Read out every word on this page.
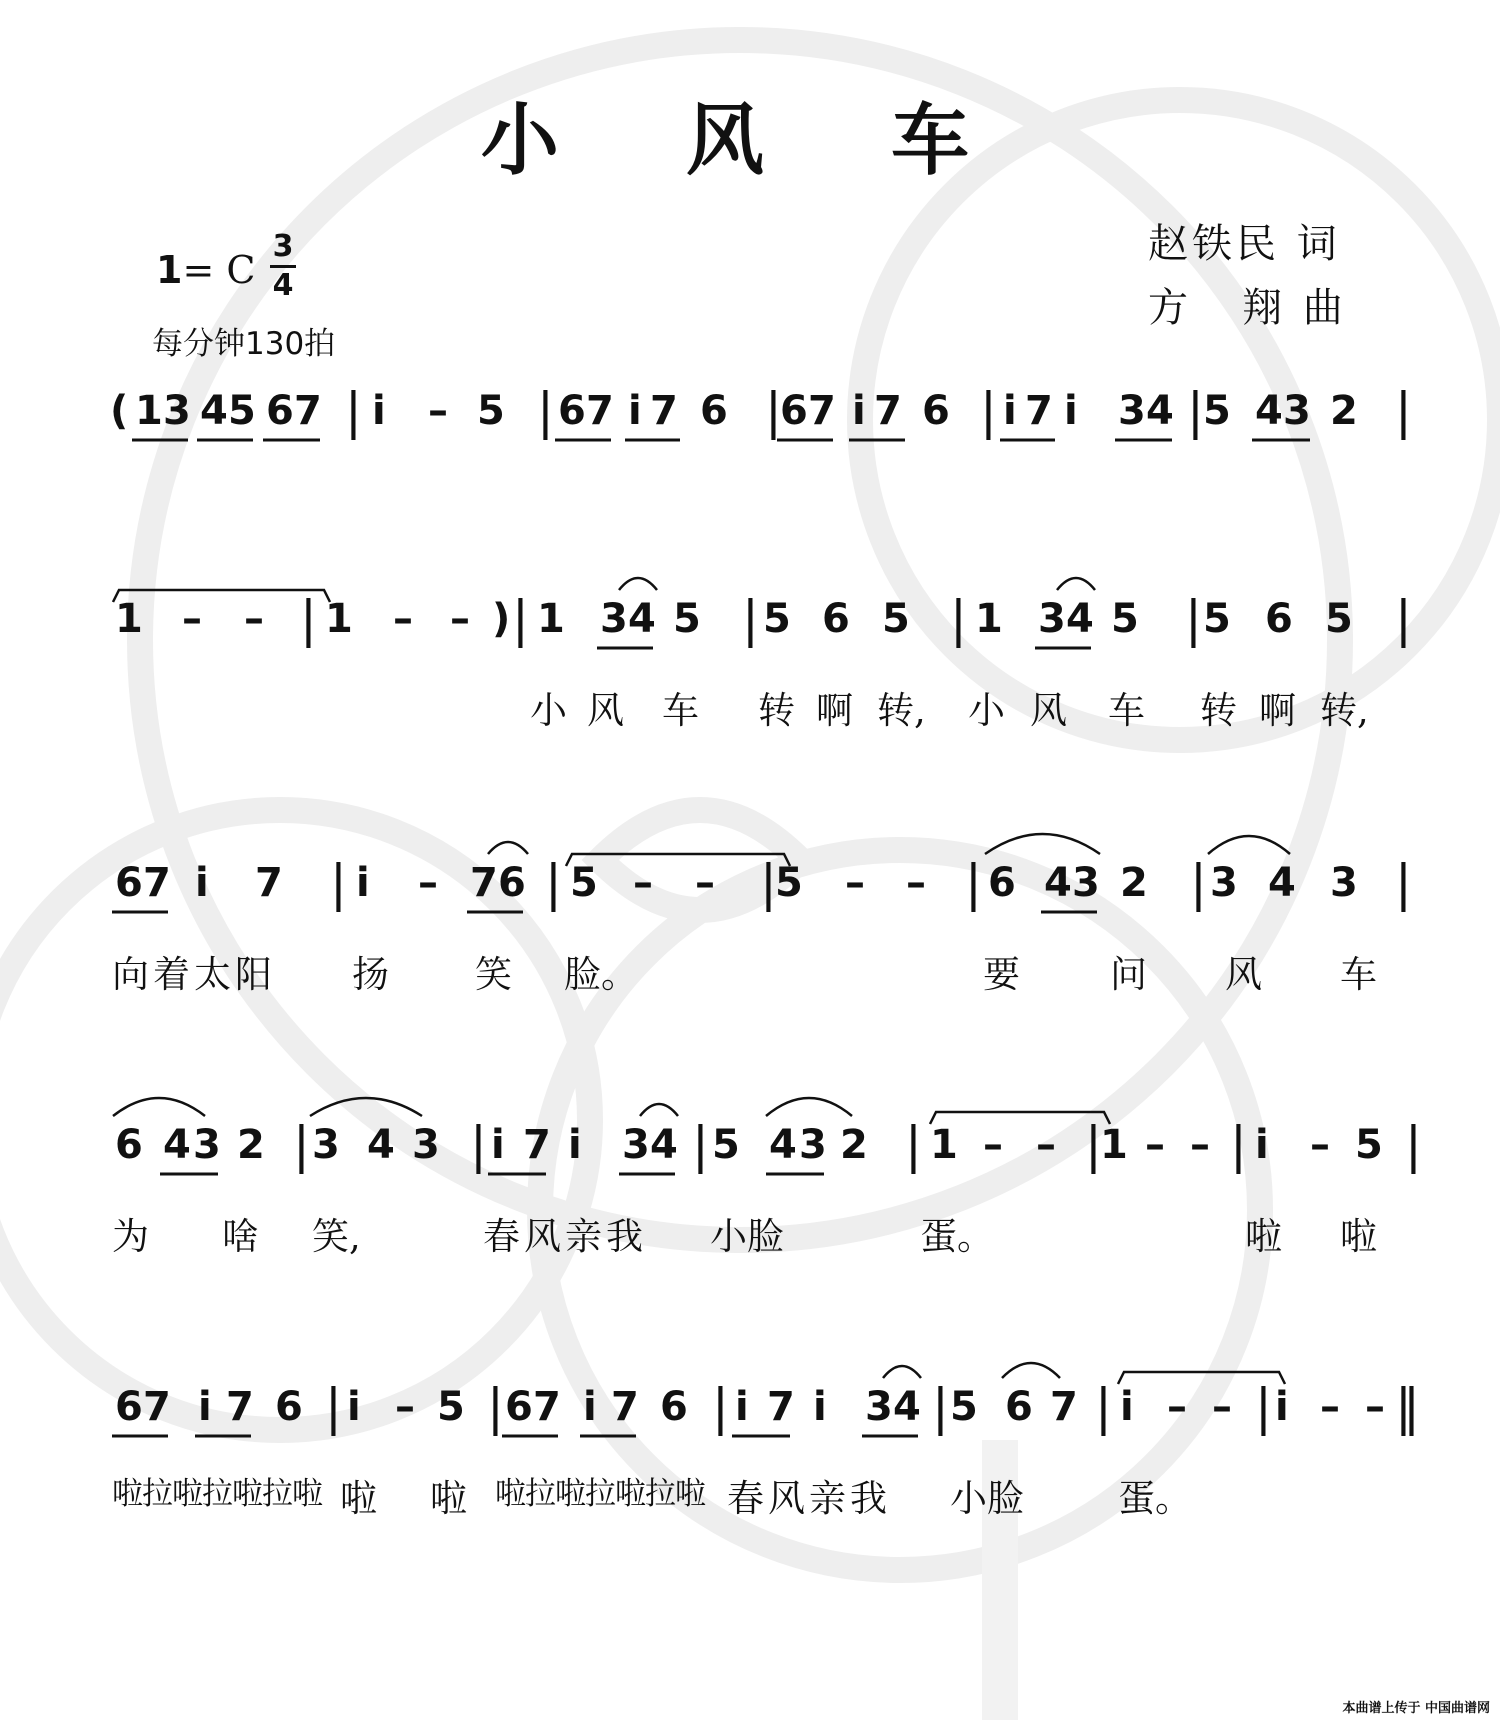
小 风 车
赵铁民 词
方   翔 曲
1= C
3
4
每分钟130拍
( 1 3 4 5 6 7 | i – 5 | 6 7 i 7 6 |
6 7 i 7 6 | i 7 i 3 4 | 5 4 3 2 |
1 – – | 1 – – ) | 1 3 4 5 | 5 6 5 | 1 3 4 5 | 5 6 5 |
小 风 车 转 啊 转, 小 风 车 转 啊 转,
6 7 i 7 | i – 7 6 | 5 – – |
5 – – | 6 4 3 2 | 3 4 3 |
向着太阳 扬 笑 脸。	要 问 风 车
6 4 3 2 | 3 4 3 | i 7 i 3 4 | 5 4 3 2 | 1 – – |
1 – – | i – 5 |
为 啥 笑,	春风亲我 小脸	蛋。	啦 啦
6 7 i 7 6 | i – 5 | 6 7 i 7 6 | i 7 i 3 4 | 5 6 7 | i – – | i – – ‖
啦拉啦拉啦拉啦 啦 啦 啦拉啦拉啦拉啦 春风亲我 小脸	蛋。
本曲谱上传于 中国曲谱网
